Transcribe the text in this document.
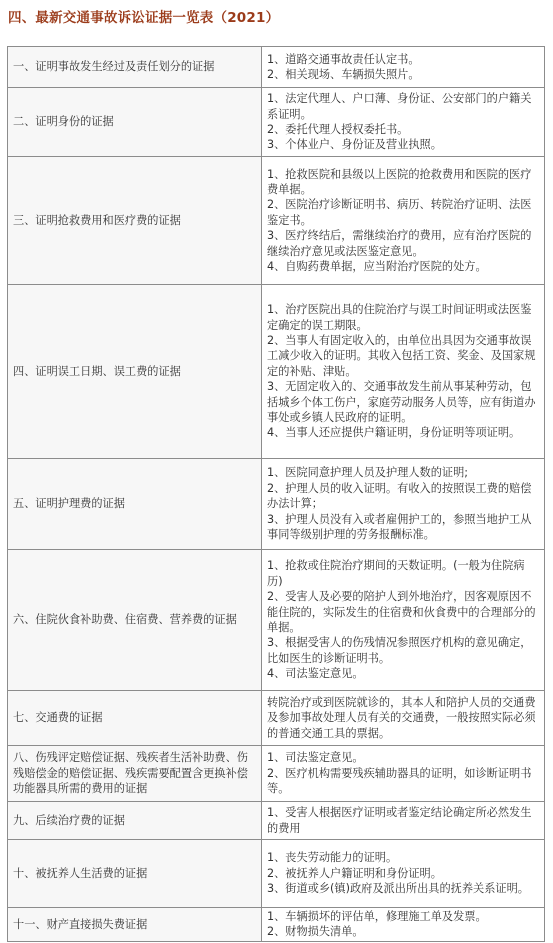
四、最新交通事故诉讼证据一览表（2021）
一、证明事故发生经过及责任划分的证据	1、道路交通事故责任认定书。
2、相关现场、车辆损失照片。

二、证明身份的证据	1、法定代理人、户口薄、身份证、公安部门的户籍关系证明。
2、委托代理人授权委托书。
3、个体业户、身份证及营业执照。

三、证明抢救费用和医疗费的证据	1、抢救医院和县级以上医院的抢救费用和医院的医疗费单据。
2、医院治疗诊断证明书、病历、转院治疗证明、法医鉴定书。
3、医疗终结后，需继续治疗的费用，应有治疗医院的继续治疗意见或法医鉴定意见。
4、自购药费单据，应当附治疗医院的处方。

四、证明误工日期、误工费的证据	1、治疗医院出具的住院治疗与误工时间证明或法医鉴定确定的误工期限。
2、当事人有固定收入的，由单位出具因为交通事故误工减少收入的证明。其收入包括工资、奖金、及国家规定的补贴、津贴。
3、无固定收入的、交通事故发生前从事某种劳动，包括城乡个体工伤户，家庭劳动服务人员等，应有街道办事处或乡镇人民政府的证明。
4、当事人还应提供户籍证明，身份证明等项证明。

五、证明护理费的证据	1、医院同意护理人员及护理人数的证明;
2、护理人员的收入证明。有收入的按照误工费的赔偿办法计算；
3、护理人员没有入或者雇佣护工的，参照当地护工从事同等级别护理的劳务报酬标准。

六、住院伙食补助费、住宿费、营养费的证据	1、抢救或住院治疗期间的天数证明。(一般为住院病历)
2、受害人及必要的陪护人到外地治疗，因客观原因不能住院的，实际发生的住宿费和伙食费中的合理部分的单据。
3、根据受害人的伤残情况参照医疗机构的意见确定，比如医生的诊断证明书。
4、司法鉴定意见。

七、交通费的证据	转院治疗或到医院就诊的，其本人和陪护人员的交通费及参加事故处理人员有关的交通费，一般按照实际必须的普通交通工具的票据。

八、伤残评定赔偿证据、残疾者生活补助费、伤残赔偿金的赔偿证据、残疾需要配置含更换补偿功能器具所需的费用的证据	1、司法鉴定意见。
2、医疗机构需要残疾辅助器具的证明，如诊断证明书等。

九、后续治疗费的证据	1、受害人根据医疗证明或者鉴定结论确定所必然发生的费用

十、被抚养人生活费的证据	1、丧失劳动能力的证明。
2、被抚养人户籍证明和身份证明。
3、街道或乡(镇)政府及派出所出具的抚养关系证明。

十一、财产直接损失费证据	1、车辆损坏的评估单，修理施工单及发票。
2、财物损失清单。
